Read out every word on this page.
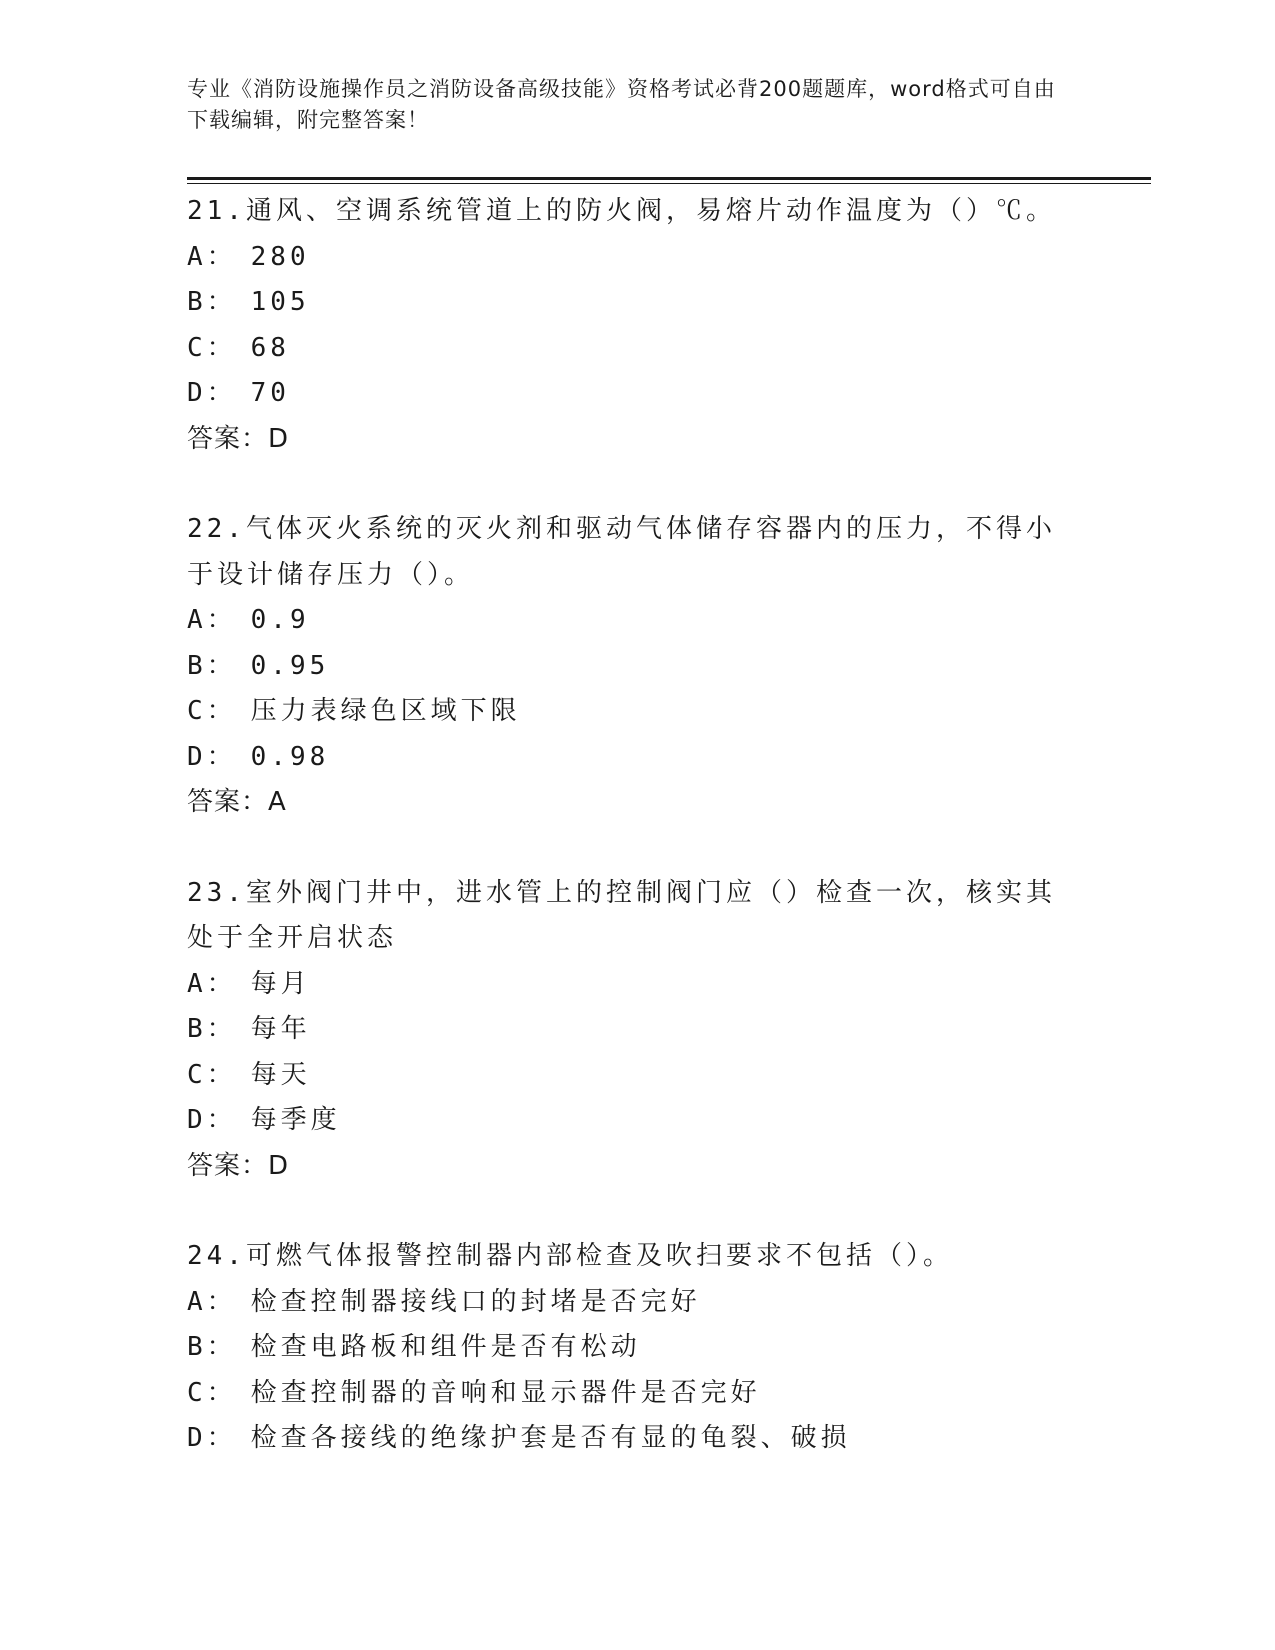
专业《消防设施操作员之消防设备高级技能》资格考试必背200题题库，word格式可自由下载编辑，附完整答案！
21.通风、空调系统管道上的防火阀，易熔片动作温度为（）℃。
A： 280
B： 105
C： 68
D： 70
答案：D
22.气体灭火系统的灭火剂和驱动气体储存容器内的压力，不得小于设计储存压力（）。
A： 0.9
B： 0.95
C： 压力表绿色区域下限
D： 0.98
答案：A
23.室外阀门井中，进水管上的控制阀门应（）检查一次，核实其处于全开启状态
A： 每月
B： 每年
C： 每天
D： 每季度
答案：D
24.可燃气体报警控制器内部检查及吹扫要求不包括（）。
A： 检查控制器接线口的封堵是否完好
B： 检查电路板和组件是否有松动
C： 检查控制器的音响和显示器件是否完好
D： 检查各接线的绝缘护套是否有显的龟裂、破损
